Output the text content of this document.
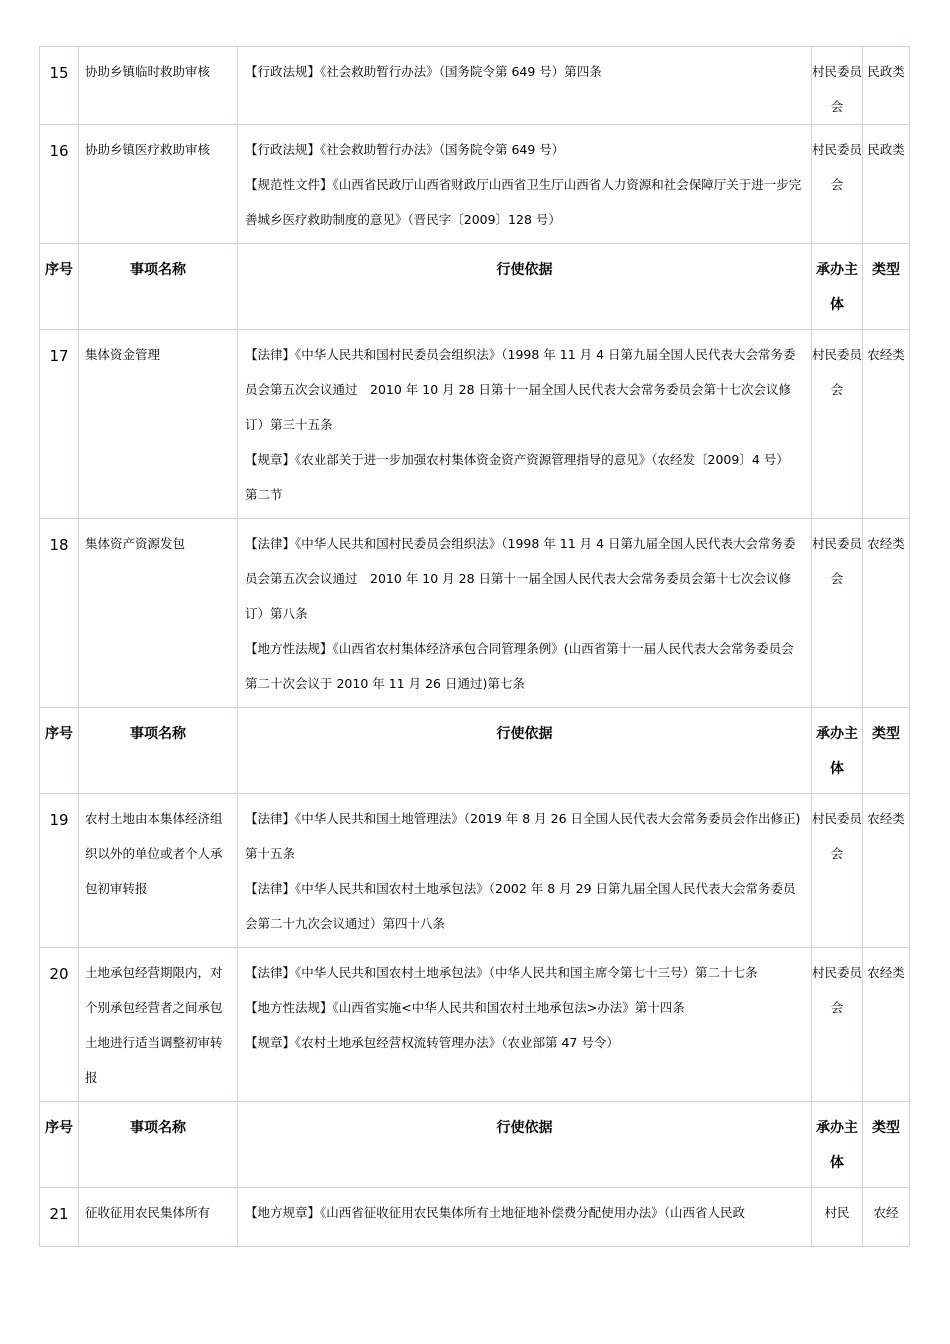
15	协助乡镇临时救助审核	【行政法规】《社会救助暂行办法》（国务院令第 649 号）第四条	村民委员会	民政类
16	协助乡镇医疗救助审核	【行政法规】《社会救助暂行办法》（国务院令第 649 号）

【规范性文件】《山西省民政厅山西省财政厅山西省卫生厅山西省人力资源和社会保障厅关于进一步完善城乡医疗救助制度的意见》（晋民字〔2009〕128 号）	村民委员会	民政类
序号	事项名称	行使依据	承办主体	类型
17	集体资金管理	【法律】《中华人民共和国村民委员会组织法》（1998 年 11 月 4 日第九届全国人民代表大会常务委员会第五次会议通过　2010 年 10 月 28 日第十一届全国人民代表大会常务委员会第十七次会议修订）第三十五条

【规章】《农业部关于进一步加强农村集体资金资产资源管理指导的意见》（农经发〔2009〕4 号） 第二节	村民委员会	农经类
18	集体资产资源发包	【法律】《中华人民共和国村民委员会组织法》（1998 年 11 月 4 日第九届全国人民代表大会常务委员会第五次会议通过　2010 年 10 月 28 日第十一届全国人民代表大会常务委员会第十七次会议修订）第八条

【地方性法规】《山西省农村集体经济承包合同管理条例》(山西省第十一届人民代表大会常务委员会第二十次会议于 2010 年 11 月 26 日通过)第七条	村民委员会	农经类
序号	事项名称	行使依据	承办主体	类型
19	农村土地由本集体经济组织以外的单位或者个人承包初审转报	【法律】《中华人民共和国土地管理法》（2019 年 8 月 26 日全国人民代表大会常务委员会作出修正) 第十五条

【法律】《中华人民共和国农村土地承包法》（2002 年 8 月 29 日第九届全国人民代表大会常务委员会第二十九次会议通过）第四十八条	村民委员会	农经类
20	土地承包经营期限内，对个别承包经营者之间承包土地进行适当调整初审转报	【法律】《中华人民共和国农村土地承包法》（中华人民共和国主席令第七十三号）第二十七条

【地方性法规】《山西省实施<中华人民共和国农村土地承包法>办法》第十四条

【规章】《农村土地承包经营权流转管理办法》（农业部第 47 号令）	村民委员会	农经类
序号	事项名称	行使依据	承办主体	类型
21	征收征用农民集体所有	【地方规章】《山西省征收征用农民集体所有土地征地补偿费分配使用办法》（山西省人民政	村民	农经
